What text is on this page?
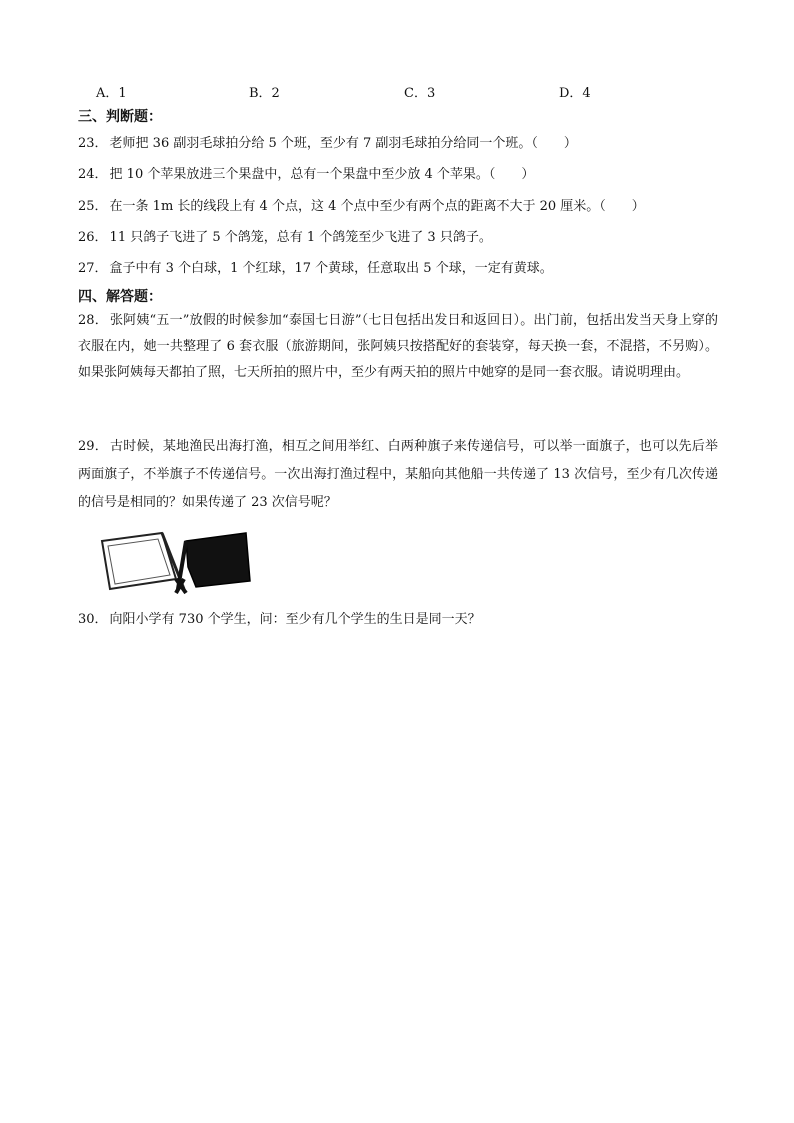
A．1	B．2	C．3	D．4
三、判断题：
23． 老师把 36 副羽毛球拍分给 5 个班，至少有 7 副羽毛球拍分给同一个班。（　　）
24． 把 10 个苹果放进三个果盘中，总有一个果盘中至少放 4 个苹果。（　　）
25． 在一条 1m 长的线段上有 4 个点，这 4 个点中至少有两个点的距离不大于 20 厘米。（　　）
26． 11 只鸽子飞进了 5 个鸽笼，总有 1 个鸽笼至少飞进了 3 只鸽子。
27． 盒子中有 3 个白球，1 个红球，17 个黄球，任意取出 5 个球，一定有黄球。
四、解答题：
28． 张阿姨“五一”放假的时候参加“泰国七日游”（七日包括出发日和返回日）。出门前，包括出发当天身上穿的衣服在内，她一共整理了 6 套衣服（旅游期间，张阿姨只按搭配好的套装穿，每天换一套，不混搭，不另购）。如果张阿姨每天都拍了照，七天所拍的照片中，至少有两天拍的照片中她穿的是同一套衣服。请说明理由。
29． 古时候，某地渔民出海打渔，相互之间用举红、白两种旗子来传递信号，可以举一面旗子，也可以先后举两面旗子，不举旗子不传递信号。一次出海打渔过程中，某船向其他船一共传递了 13 次信号，至少有几次传递的信号是相同的？如果传递了 23 次信号呢？
30． 向阳小学有 730 个学生，问：至少有几个学生的生日是同一天？
